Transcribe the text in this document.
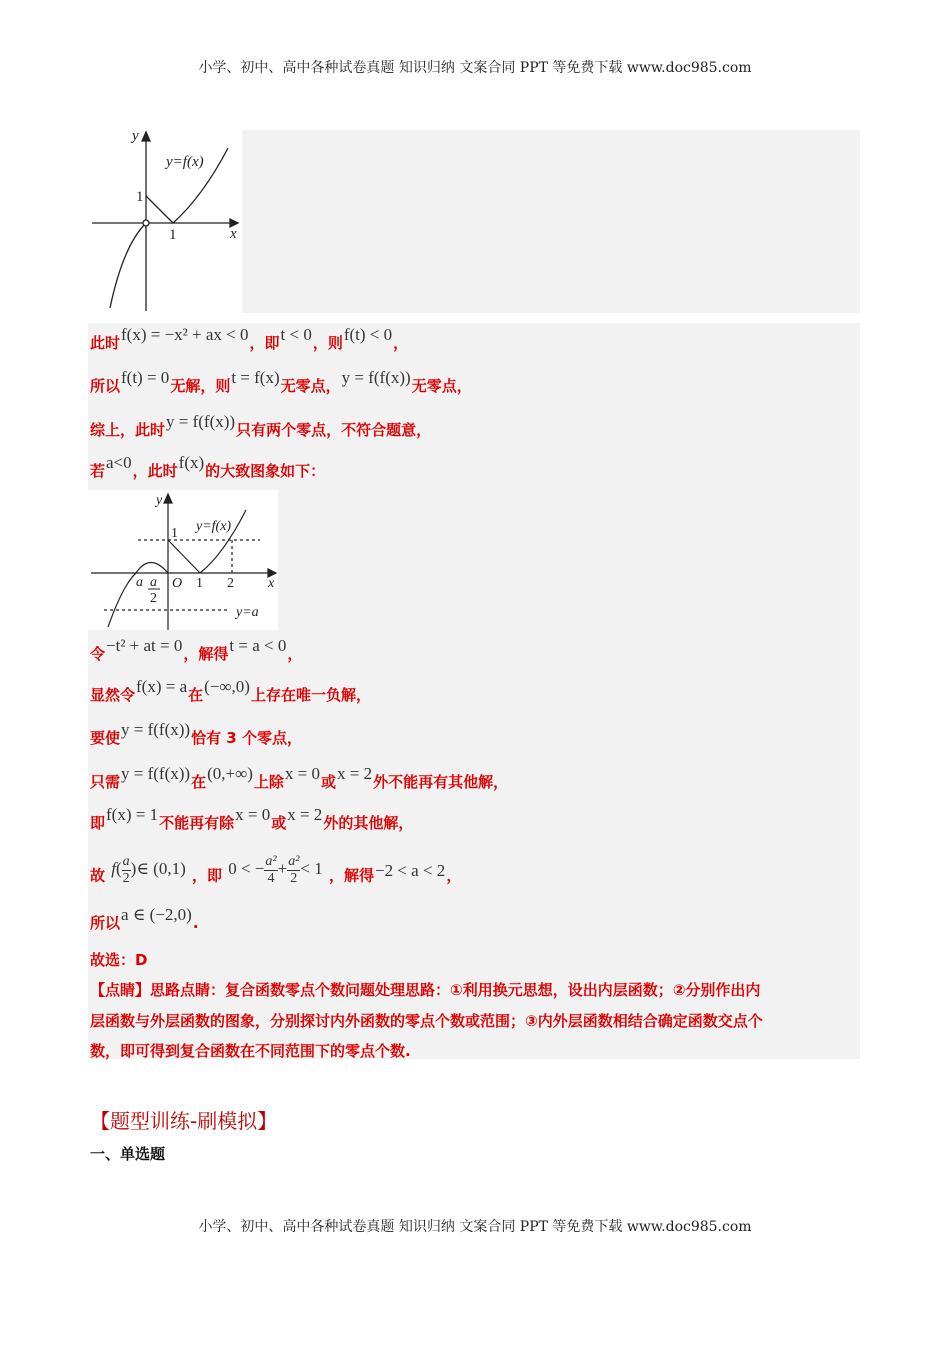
小学、初中、高中各种试卷真题 知识归纳 文案合同 PPT 等免费下载 www.doc985.com
y
x
1
1
y=f(x)
此时f(x) = −x² + ax < 0，即t < 0，则f(t) < 0，
所以f(t) = 0无解，则t = f(x)无零点，y = f(f(x))无零点，
综上，此时y = f(f(x))只有两个零点，不符合题意，
若a<0，此时f(x)的大致图象如下：
令−t² + at = 0，解得t = a < 0，
显然令f(x) = a在(−∞,0)上存在唯一负解，
要使y = f(f(x))恰有 3 个零点，
只需y = f(f(x))在(0,+∞)上除x = 0或x = 2外不能再有其他解，
即f(x) = 1不能再有除x = 0或x = 2外的其他解，
y
x
1 y=f(x)
a a
2
O 1 2
y=a
故 $f( \frac{a}{2}$ )∈ (0,1) ，即 0 < − $\frac{\text{a²}}{4} + \frac{\text{a²}}{2} < 1$ ，解得−2 < a < 2，
所以a ∈ (−2,0).
故选：D
【点睛】思路点睛：复合函数零点个数问题处理思路：①利用换元思想，设出内层函数；②分别作出内
层函数与外层函数的图象，分别探讨内外函数的零点个数或范围；③内外层函数相结合确定函数交点个
数，即可得到复合函数在不同范围下的零点个数.
【题型训练-刷模拟】
一、单选题
小学、初中、高中各种试卷真题 知识归纳 文案合同 PPT 等免费下载 www.doc985.com
